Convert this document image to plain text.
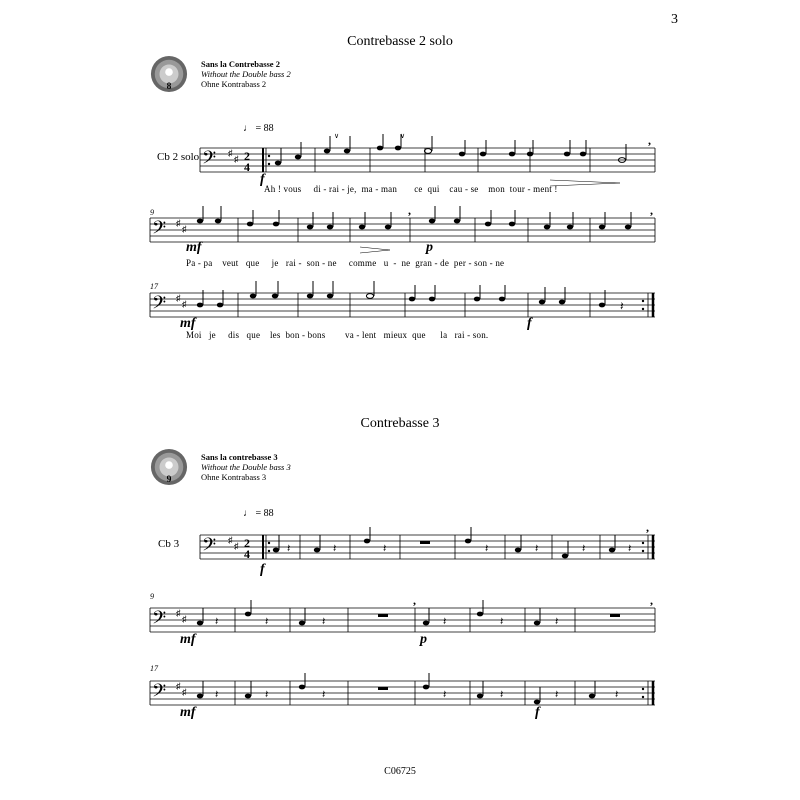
3
Contrebasse 2 solo
8
Sans la Contrebasse 2
Without the Double bass 2
Ohne Kontrabass 2
♩ = 88
Cb 2 solo 𝄢 ♯
♯ 2
4
,
∨	∨
f
Ah ! vous     di - rai - je,  ma - man       ce  qui    cau - se    mon  tour - ment !
9
𝄢 ♯
♯
,	,
mf	p
Pa - pa    veut   que     je   rai -  son - ne     comme   u  -  ne  gran - de  per - son - ne
17
𝄢 ♯
♯	𝄽
mf	f
Moi   je     dis   que    les  bon - bons        va - lent   mieux  que      la   rai - son.
Contrebasse 3
9
Sans la contrebasse 3
Without the Double bass 3
Ohne Kontrabass 3
♩ = 88
Cb 3 𝄢 ♯
♯ 2
4	𝄽	𝄽	𝄽	𝄽	𝄽	𝄽	𝄽
,
f
9
𝄢 ♯
♯	𝄽	𝄽	𝄽	𝄽	𝄽	𝄽
,	,
mf	p
17
𝄢 ♯
♯	𝄽	𝄽	𝄽	𝄽	𝄽	𝄽	𝄽
mf	f
C06725
